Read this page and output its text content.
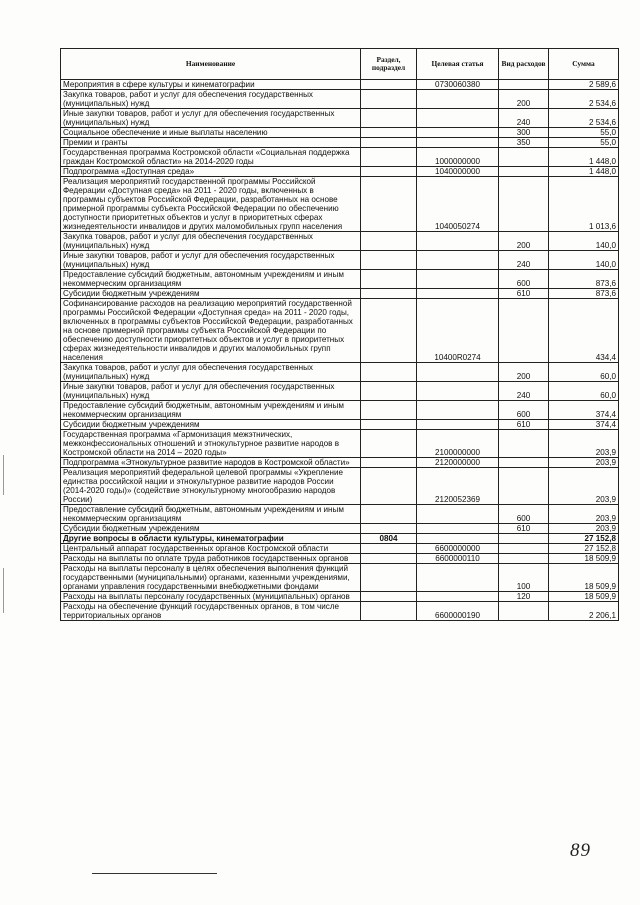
Наименование	Раздел, подраздел	Целевая статья	Вид расходов	Сумма
Мероприятия в сфере культуры и кинематографии		0730060380		2 589,6
Закупка товаров, работ и услуг для обеспечения государственных (муниципальных) нужд			200	2 534,6
Иные закупки товаров, работ и услуг для обеспечения государственных (муниципальных) нужд			240	2 534,6
Социальное обеспечение и иные выплаты населению			300	55,0
Премии и гранты			350	55,0
Государственная программа Костромской области «Социальная поддержка граждан Костромской области» на 2014-2020 годы		1000000000		1 448,0
Подпрограмма «Доступная среда»		1040000000		1 448,0
Реализация мероприятий государственной программы Российской Федерации «Доступная среда» на 2011 - 2020 годы, включенных в программы субъектов Российской Федерации, разработанных на основе примерной программы субъекта Российской Федерации по обеспечению доступности приоритетных объектов и услуг в приоритетных сферах жизнедеятельности инвалидов и других маломобильных групп населения		1040050274		1 013,6
Закупка товаров, работ и услуг для обеспечения государственных (муниципальных) нужд			200	140,0
Иные закупки товаров, работ и услуг для обеспечения государственных (муниципальных) нужд			240	140,0
Предоставление субсидий бюджетным, автономным учреждениям и иным некоммерческим организациям			600	873,6
Субсидии бюджетным учреждениям			610	873,6
Софинансирование расходов на реализацию мероприятий государственной программы Российской Федерации «Доступная среда» на 2011 - 2020 годы, включенных в программы субъектов Российской Федерации, разработанных на основе примерной программы субъекта Российской Федерации по обеспечению доступности приоритетных объектов и услуг в приоритетных сферах жизнедеятельности инвалидов и других маломобильных групп населения		10400R0274		434,4
Закупка товаров, работ и услуг для обеспечения государственных (муниципальных) нужд			200	60,0
Иные закупки товаров, работ и услуг для обеспечения государственных (муниципальных) нужд			240	60,0
Предоставление субсидий бюджетным, автономным учреждениям и иным некоммерческим организациям			600	374,4
Субсидии бюджетным учреждениям			610	374,4
Государственная программа «Гармонизация межэтнических, межконфессиональных отношений и этнокультурное развитие народов в Костромской области на 2014 – 2020 годы»		2100000000		203,9
Подпрограмма «Этнокультурное развитие народов в Костромской области»		2120000000		203,9
Реализация мероприятий федеральной целевой программы «Укрепление единства российской нации и этнокультурное развитие народов России (2014-2020 годы)» (содействие этнокультурному многообразию народов России)		2120052369		203,9
Предоставление субсидий бюджетным, автономным учреждениям и иным некоммерческим организациям			600	203,9
Субсидии бюджетным учреждениям			610	203,9
Другие вопросы в области культуры, кинематографии	0804			27 152,8
Центральный аппарат государственных органов Костромской области		6600000000		27 152,8
Расходы на выплаты по оплате труда работников государственных органов		6600000110		18 509,9
Расходы на выплаты персоналу в целях обеспечения выполнения функций государственными (муниципальными) органами, казенными учреждениями, органами управления государственными внебюджетными фондами			100	18 509,9
Расходы на выплаты персоналу государственных (муниципальных) органов			120	18 509,9
Расходы на обеспечение функций государственных органов, в том числе территориальных органов		6600000190		2 206,1
89
